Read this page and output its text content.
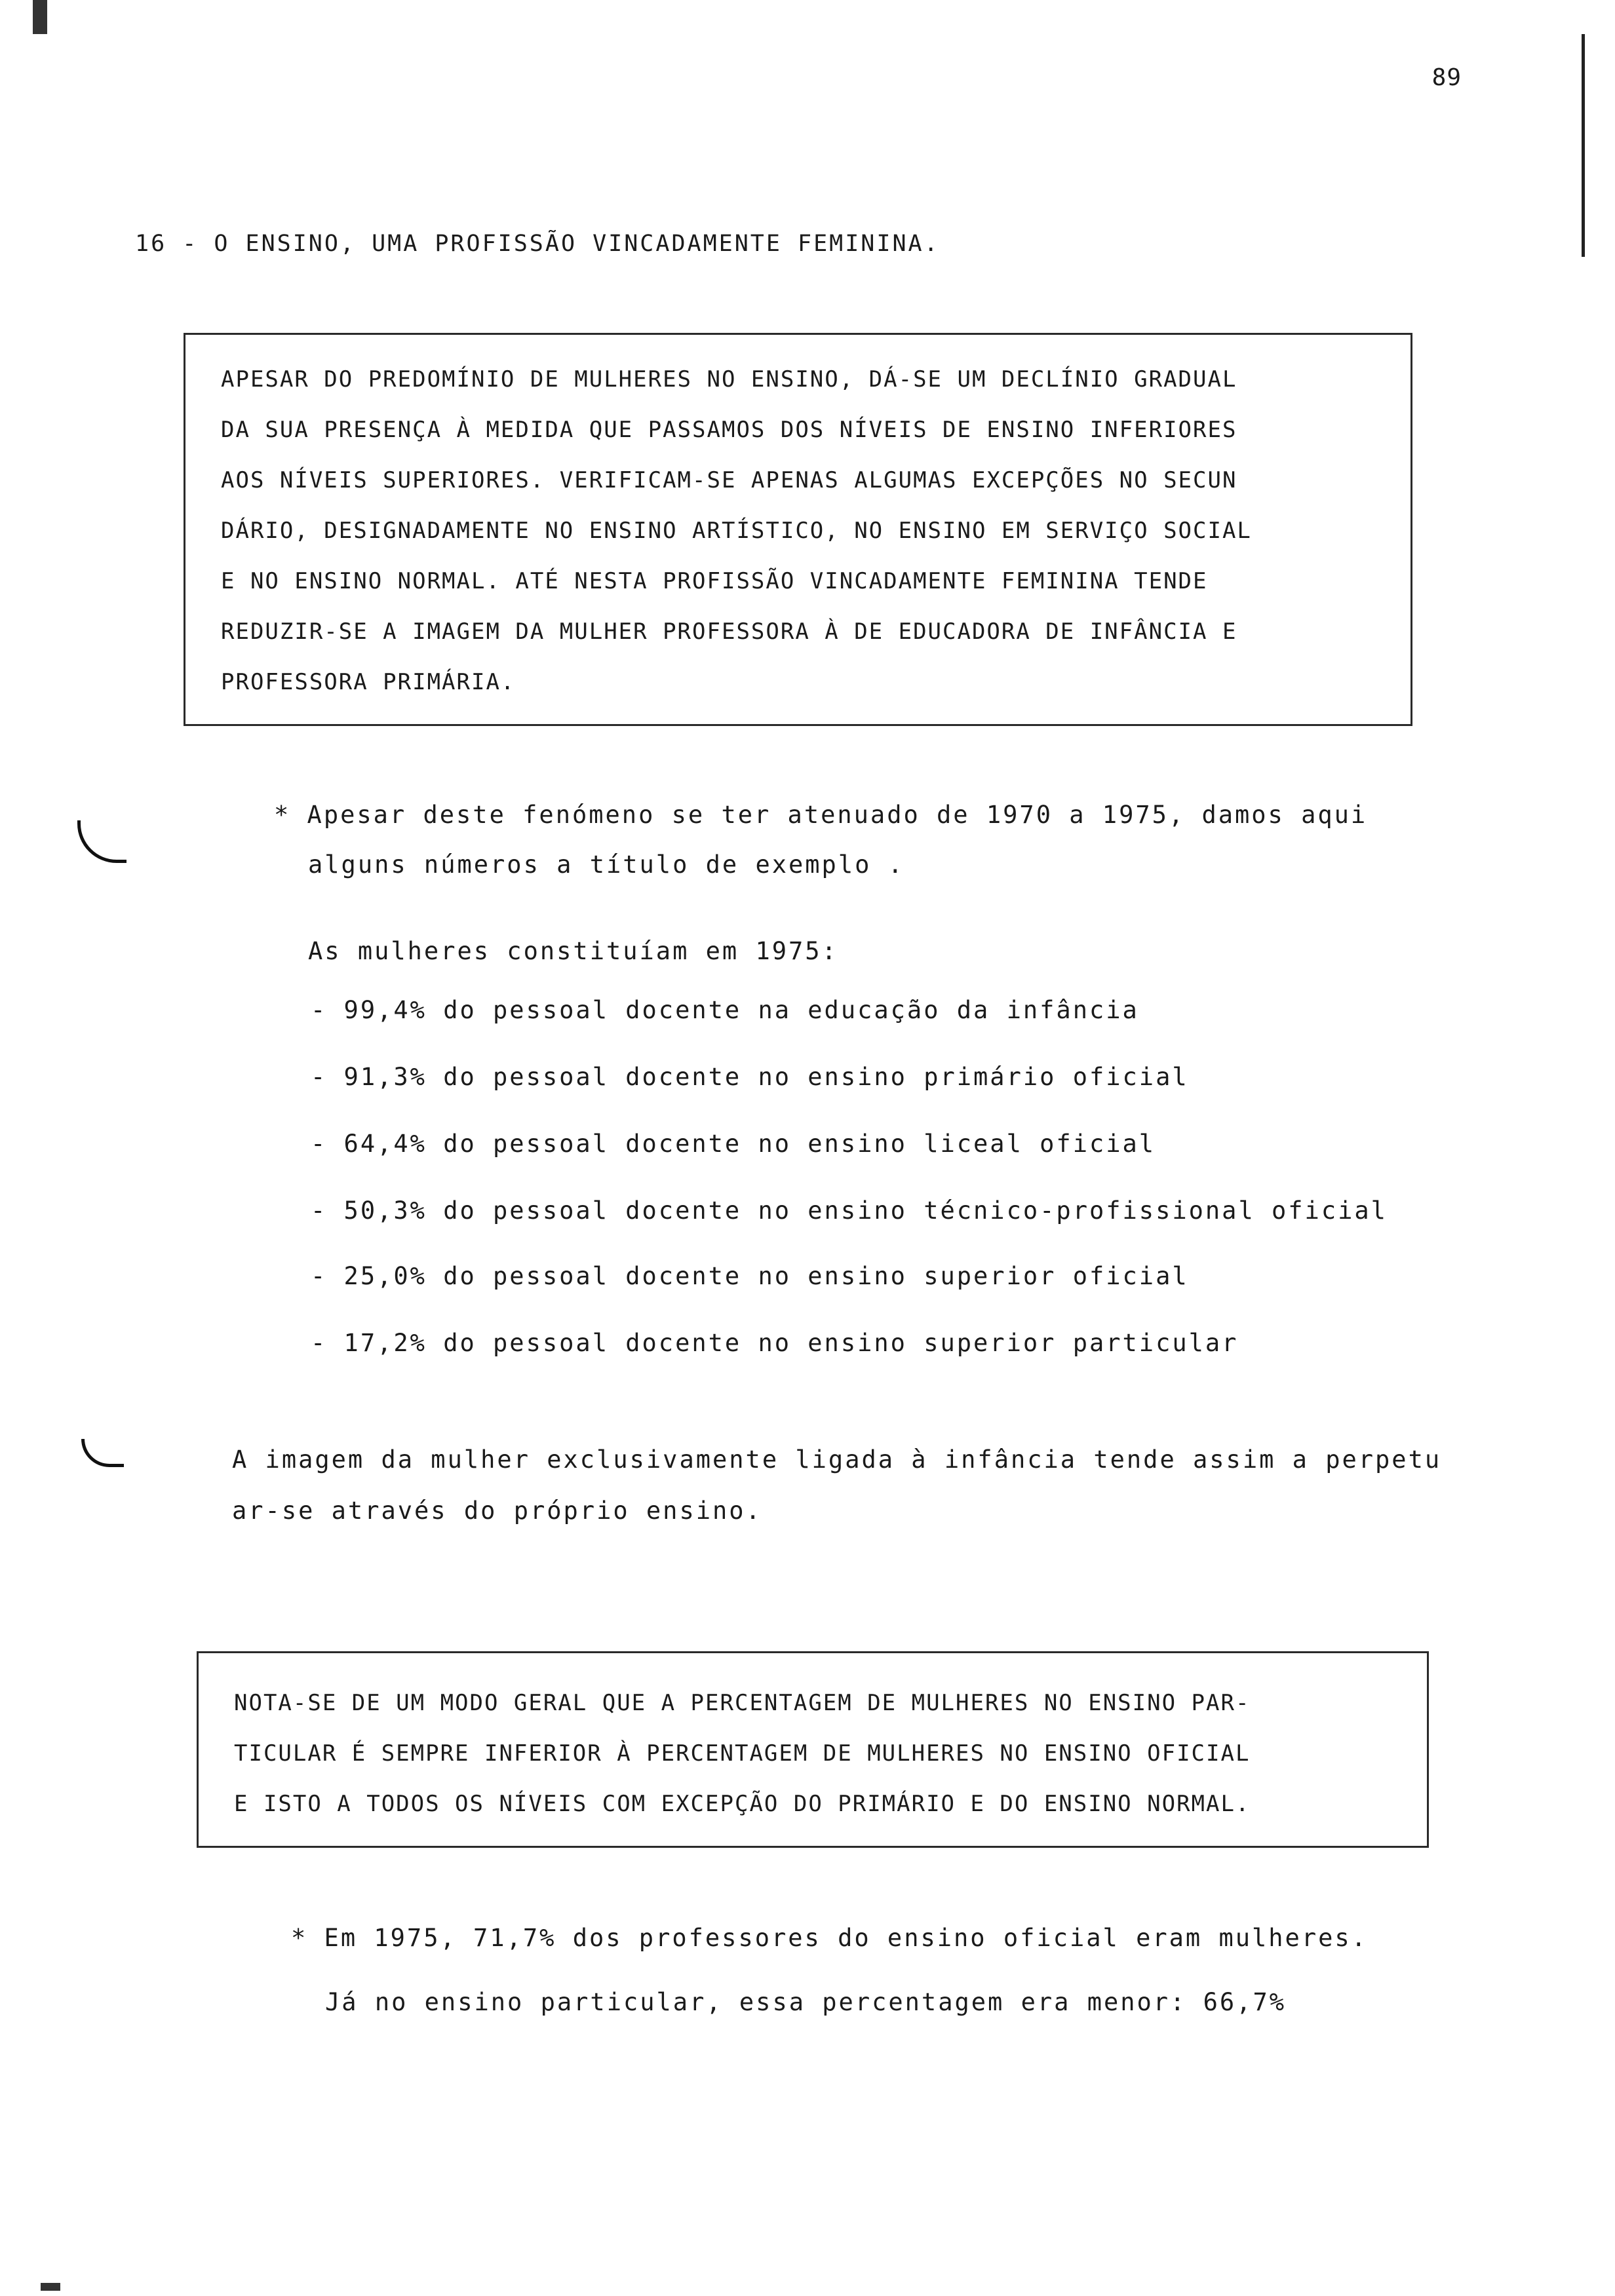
89
16 - O ENSINO, UMA PROFISSÃO VINCADAMENTE FEMININA.
APESAR DO PREDOMÍNIO DE MULHERES NO ENSINO, DÁ-SE UM DECLÍNIO GRADUAL
DA SUA PRESENÇA À MEDIDA QUE PASSAMOS DOS NÍVEIS DE ENSINO INFERIORES
AOS NÍVEIS SUPERIORES. VERIFICAM-SE APENAS ALGUMAS EXCEPÇÕES NO SECUN
DÁRIO, DESIGNADAMENTE NO ENSINO ARTÍSTICO, NO ENSINO EM SERVIÇO SOCIAL
E NO ENSINO NORMAL. ATÉ NESTA PROFISSÃO VINCADAMENTE FEMININA TENDE
REDUZIR-SE A IMAGEM DA MULHER PROFESSORA À DE EDUCADORA DE INFÂNCIA E
PROFESSORA PRIMÁRIA.
* Apesar deste fenómeno se ter atenuado de 1970 a 1975, damos aqui
alguns números a título de exemplo .
As mulheres constituíam em 1975:
- 99,4% do pessoal docente na educação da infância
- 91,3% do pessoal docente no ensino primário oficial
- 64,4% do pessoal docente no ensino liceal oficial
- 50,3% do pessoal docente no ensino técnico-profissional oficial
- 25,0% do pessoal docente no ensino superior oficial
- 17,2% do pessoal docente no ensino superior particular
A imagem da mulher exclusivamente ligada à infância tende assim a perpetu
ar-se através do próprio ensino.
NOTA-SE DE UM MODO GERAL QUE A PERCENTAGEM DE MULHERES NO ENSINO PAR-
TICULAR É SEMPRE INFERIOR À PERCENTAGEM DE MULHERES NO ENSINO OFICIAL
E ISTO A TODOS OS NÍVEIS COM EXCEPÇÃO DO PRIMÁRIO E DO ENSINO NORMAL.
* Em 1975, 71,7% dos professores do ensino oficial eram mulheres.
Já no ensino particular, essa percentagem era menor: 66,7%
